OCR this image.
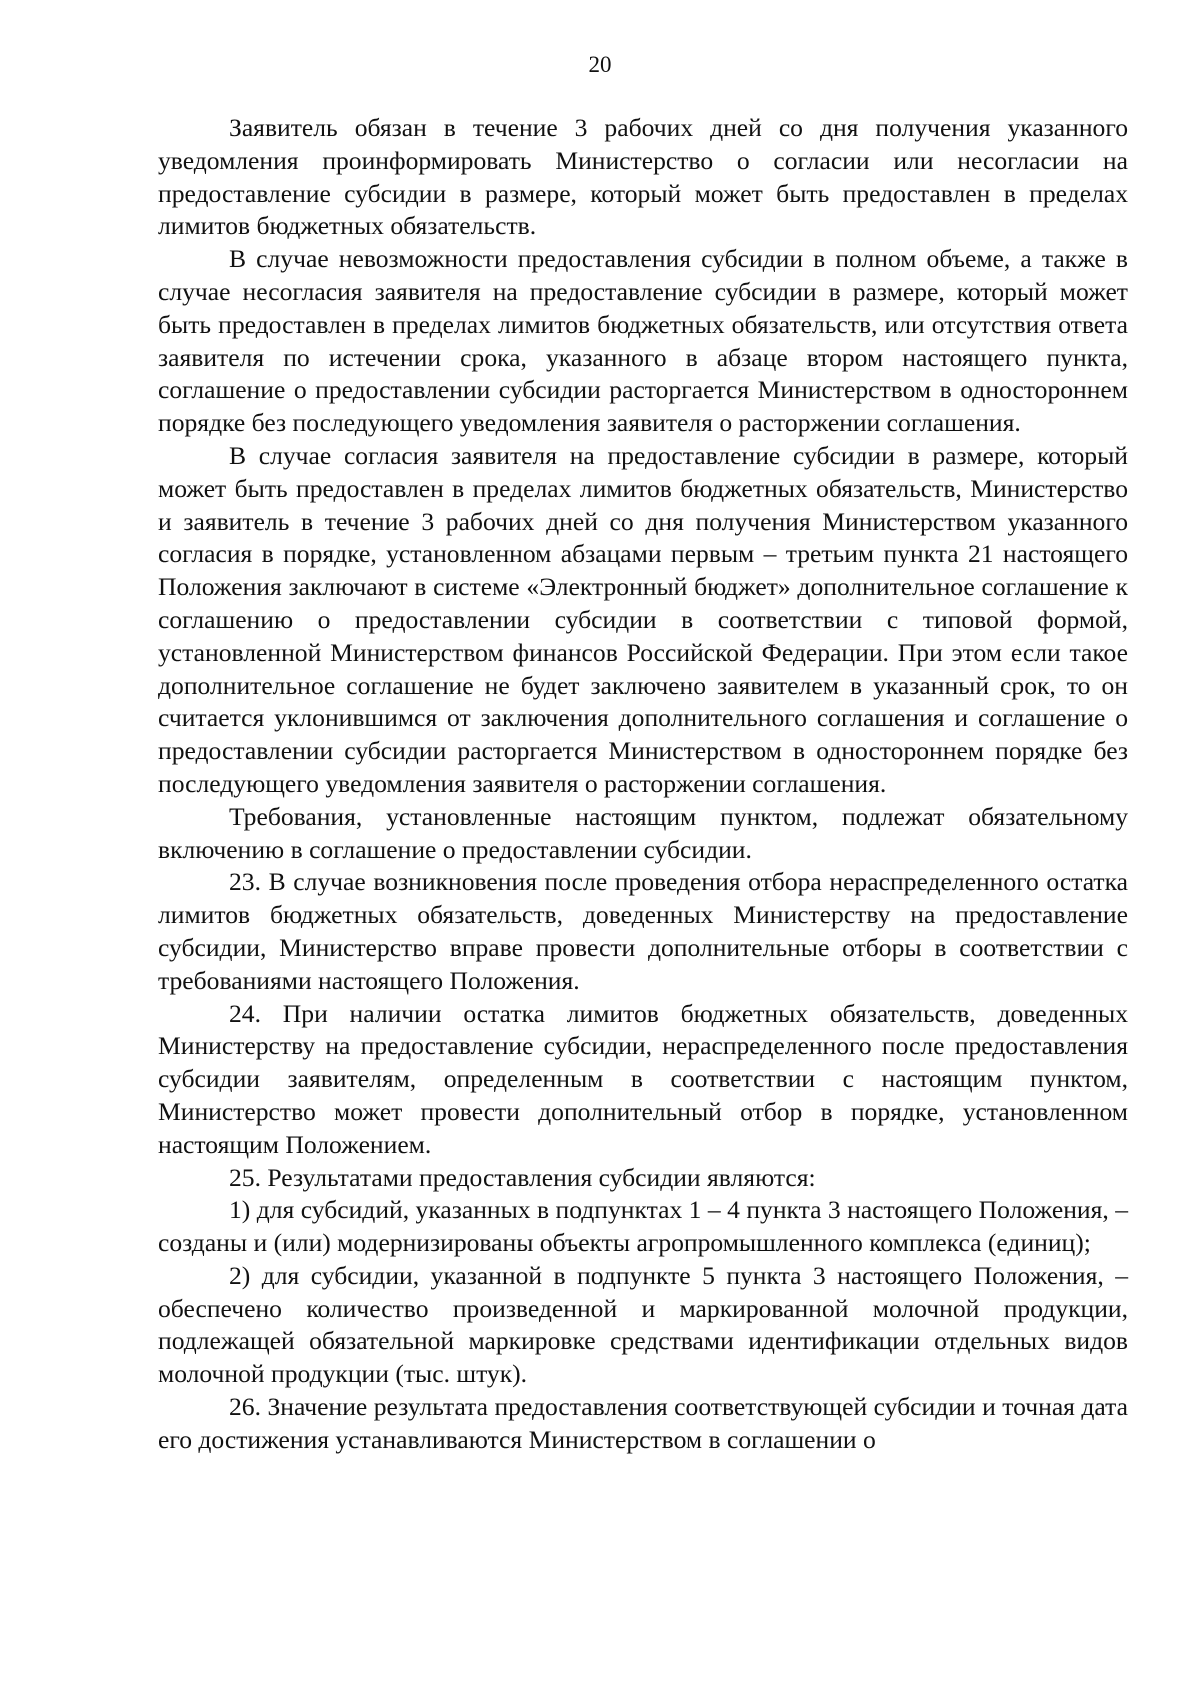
20

Заявитель обязан в течение 3 рабочих дней со дня получения указанного уведомления проинформировать Министерство о согласии или несогласии на предоставление субсидии в размере, который может быть предоставлен в пределах лимитов бюджетных обязательств.

В случае невозможности предоставления субсидии в полном объеме, а также в случае несогласия заявителя на предоставление субсидии в размере, который может быть предоставлен в пределах лимитов бюджетных обязательств, или отсутствия ответа заявителя по истечении срока, указанного в абзаце втором настоящего пункта, соглашение о предоставлении субсидии расторгается Министерством в одностороннем порядке без последующего уведомления заявителя о расторжении соглашения.

В случае согласия заявителя на предоставление субсидии в размере, который может быть предоставлен в пределах лимитов бюджетных обязательств, Министерство и заявитель в течение 3 рабочих дней со дня получения Министерством указанного согласия в порядке, установленном абзацами первым – третьим пункта 21 настоящего Положения заключают в системе «Электронный бюджет» дополнительное соглашение к соглашению о предоставлении субсидии в соответствии с типовой формой, установленной Министерством финансов Российской Федерации. При этом если такое дополнительное соглашение не будет заключено заявителем в указанный срок, то он считается уклонившимся от заключения дополнительного соглашения и соглашение о предоставлении субсидии расторгается Министерством в одностороннем порядке без последующего уведомления заявителя о расторжении соглашения.

Требования, установленные настоящим пунктом, подлежат обязательному включению в соглашение о предоставлении субсидии.

23. В случае возникновения после проведения отбора нераспределенного остатка лимитов бюджетных обязательств, доведенных Министерству на предоставление субсидии, Министерство вправе провести дополнительные отборы в соответствии с требованиями настоящего Положения.

24. При наличии остатка лимитов бюджетных обязательств, доведенных Министерству на предоставление субсидии, нераспределенного после предоставления субсидии заявителям, определенным в соответствии с настоящим пунктом, Министерство может провести дополнительный отбор в порядке, установленном настоящим Положением.

25. Результатами предоставления субсидии являются:

1) для субсидий, указанных в подпунктах 1 – 4 пункта 3 настоящего Положения, – созданы и (или) модернизированы объекты агропромышленного комплекса (единиц);

2) для субсидии, указанной в подпункте 5 пункта 3 настоящего Положения, – обеспечено количество произведенной и маркированной молочной продукции, подлежащей обязательной маркировке средствами идентификации отдельных видов молочной продукции (тыс. штук).

26. Значение результата предоставления соответствующей субсидии и точная дата его достижения устанавливаются Министерством в соглашении о
